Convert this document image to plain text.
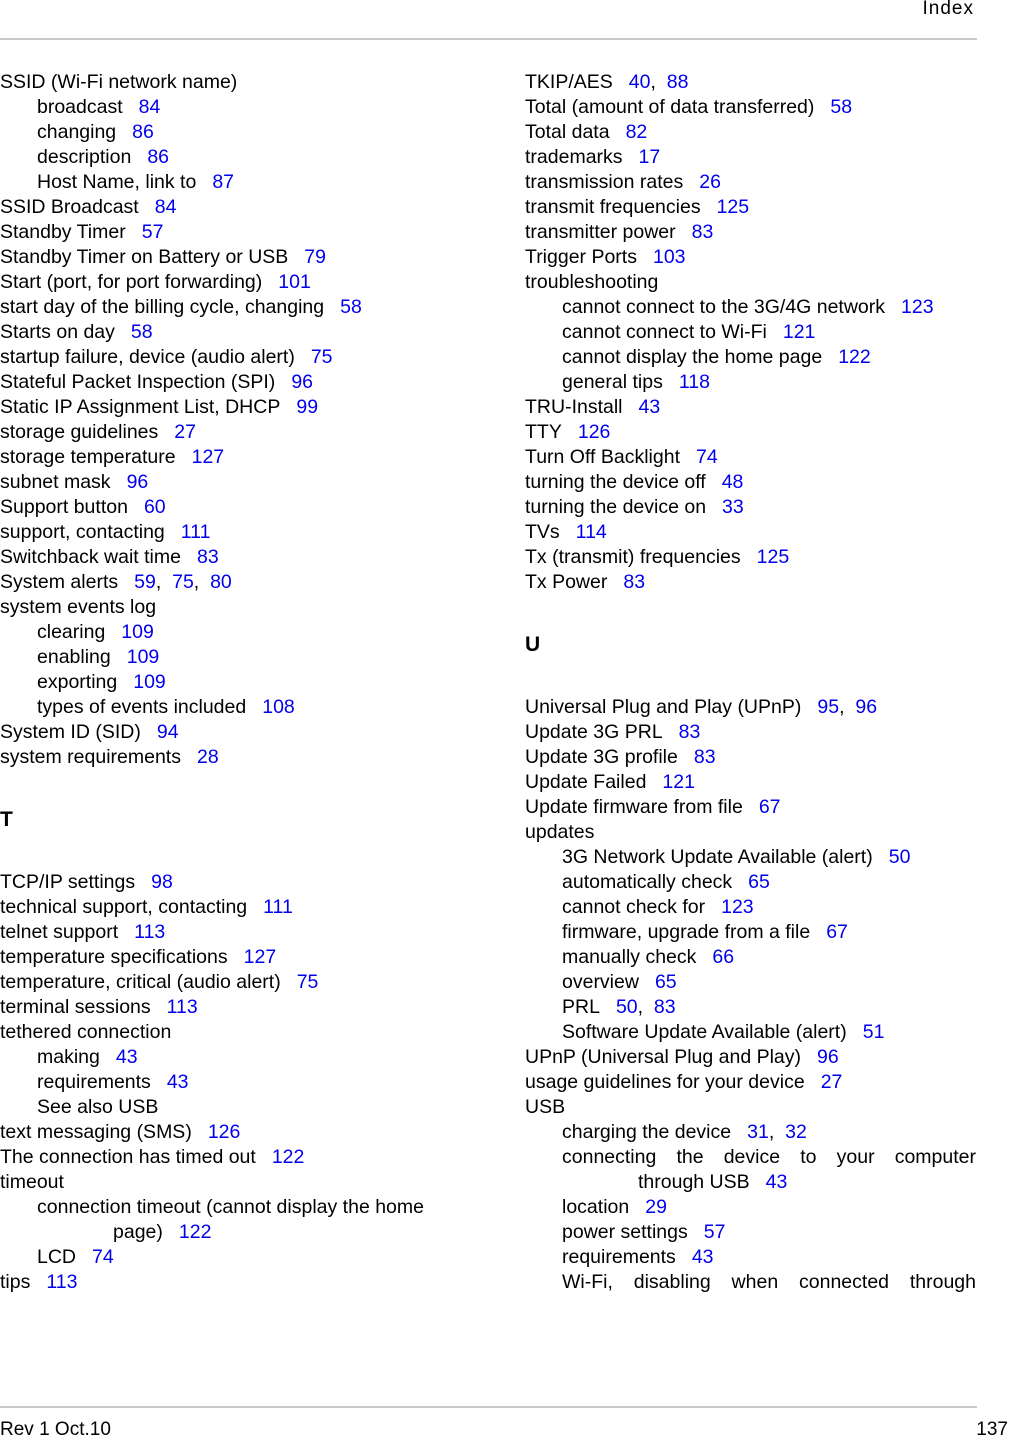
Index
SSID (Wi-Fi network name)
broadcast 84
changing 86
description 86
Host Name, link to 87
SSID Broadcast 84
Standby Timer 57
Standby Timer on Battery or USB 79
Start (port, for port forwarding) 101
start day of the billing cycle, changing 58
Starts on day 58
startup failure, device (audio alert) 75
Stateful Packet Inspection (SPI) 96
Static IP Assignment List, DHCP 99
storage guidelines 27
storage temperature 127
subnet mask 96
Support button 60
support, contacting 111
Switchback wait time 83
System alerts 59,  75,  80
system events log
clearing 109
enabling 109
exporting 109
types of events included 108
System ID (SID) 94
system requirements 28
T
TCP/IP settings 98
technical support, contacting 111
telnet support 113
temperature specifications 127
temperature, critical (audio alert) 75
terminal sessions 113
tethered connection
making 43
requirements 43
See also USB
text messaging (SMS) 126
The connection has timed out 122
timeout
connection timeout (cannot display the home
page) 122
LCD 74
tips 113
TKIP/AES 40,  88
Total (amount of data transferred) 58
Total data 82
trademarks 17
transmission rates 26
transmit frequencies 125
transmitter power 83
Trigger Ports 103
troubleshooting
cannot connect to the 3G/4G network 123
cannot connect to Wi-Fi 121
cannot display the home page 122
general tips 118
TRU-Install 43
TTY 126
Turn Off Backlight 74
turning the device off 48
turning the device on 33
TVs 114
Tx (transmit) frequencies 125
Tx Power 83
U
Universal Plug and Play (UPnP) 95,  96
Update 3G PRL 83
Update 3G profile 83
Update Failed 121
Update firmware from file 67
updates
3G Network Update Available (alert) 50
automatically check 65
cannot check for 123
firmware, upgrade from a file 67
manually check 66
overview 65
PRL 50,  83
Software Update Available (alert) 51
UPnP (Universal Plug and Play) 96
usage guidelines for your device 27
USB
charging the device 31,  32
connecting the device to your computer
through USB 43
location 29
power settings 57
requirements 43
Wi-Fi, disabling when connected through
Rev 1 Oct.10	137
